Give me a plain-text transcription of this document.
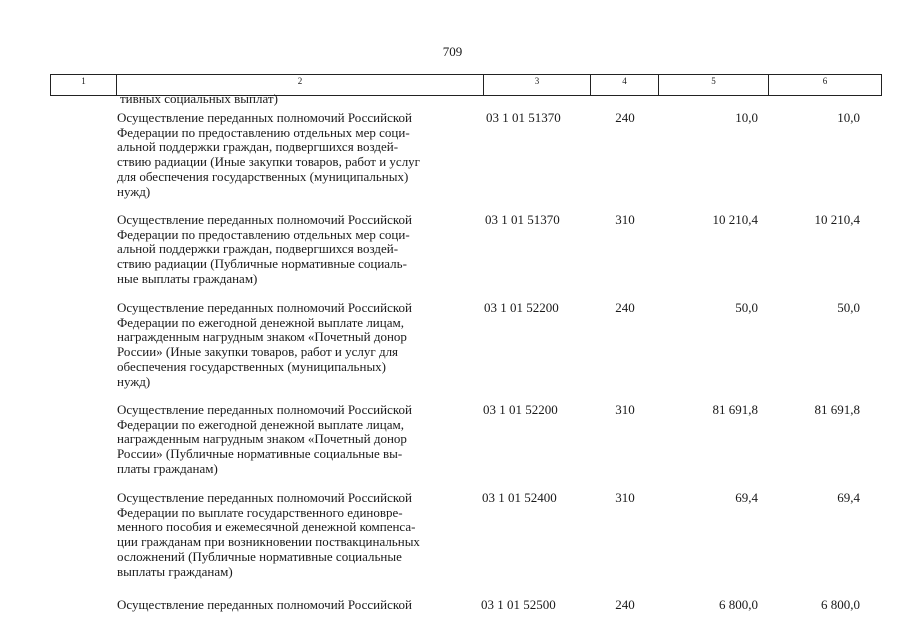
709
1	2	3	4	5	6
тивных социальных выплат)
Осуществление переданных полномочий Российской
Федерации по предоставлению отдельных мер соци-
альной поддержки граждан, подвергшихся воздей-
ствию радиации (Иные закупки товаров, работ и услуг
для обеспечения государственных (муниципальных)
нужд)
03 1 01 51370	240	10,0	10,0
Осуществление переданных полномочий Российской
Федерации по предоставлению отдельных мер соци-
альной поддержки граждан, подвергшихся воздей-
ствию радиации (Публичные нормативные социаль-
ные выплаты гражданам)
03 1 01 51370	310	10 210,4	10 210,4
Осуществление переданных полномочий Российской
Федерации по ежегодной денежной выплате лицам,
награжденным нагрудным знаком «Почетный донор
России» (Иные закупки товаров, работ и услуг для
обеспечения государственных (муниципальных)
нужд)
03 1 01 52200	240	50,0	50,0
Осуществление переданных полномочий Российской
Федерации по ежегодной денежной выплате лицам,
награжденным нагрудным знаком «Почетный донор
России» (Публичные нормативные социальные вы-
платы гражданам)
03 1 01 52200	310	81 691,8	81 691,8
Осуществление переданных полномочий Российской
Федерации по выплате государственного единовре-
менного пособия и ежемесячной денежной компенса-
ции гражданам при возникновении поствакцинальных
осложнений (Публичные нормативные социальные
выплаты гражданам)
03 1 01 52400	310	69,4	69,4
Осуществление переданных полномочий Российской	03 1 01 52500	240	6 800,0	6 800,0
